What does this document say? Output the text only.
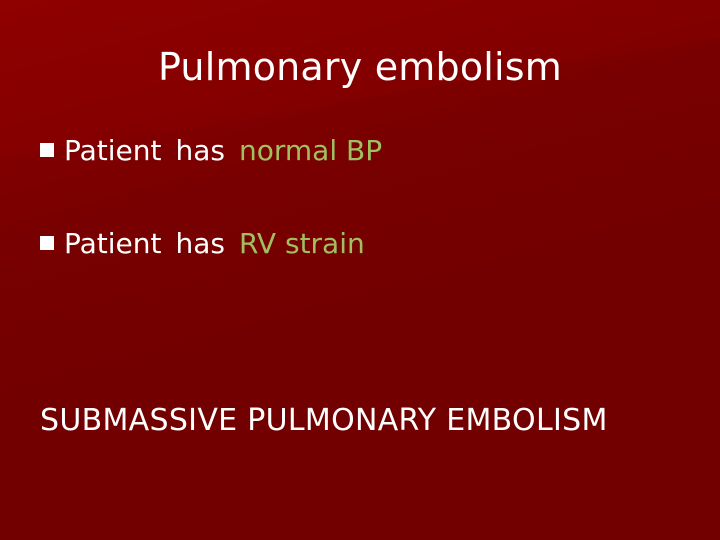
Pulmonary embolism
Patient has normal BP
Patient has RV strain
SUBMASSIVE PULMONARY EMBOLISM
